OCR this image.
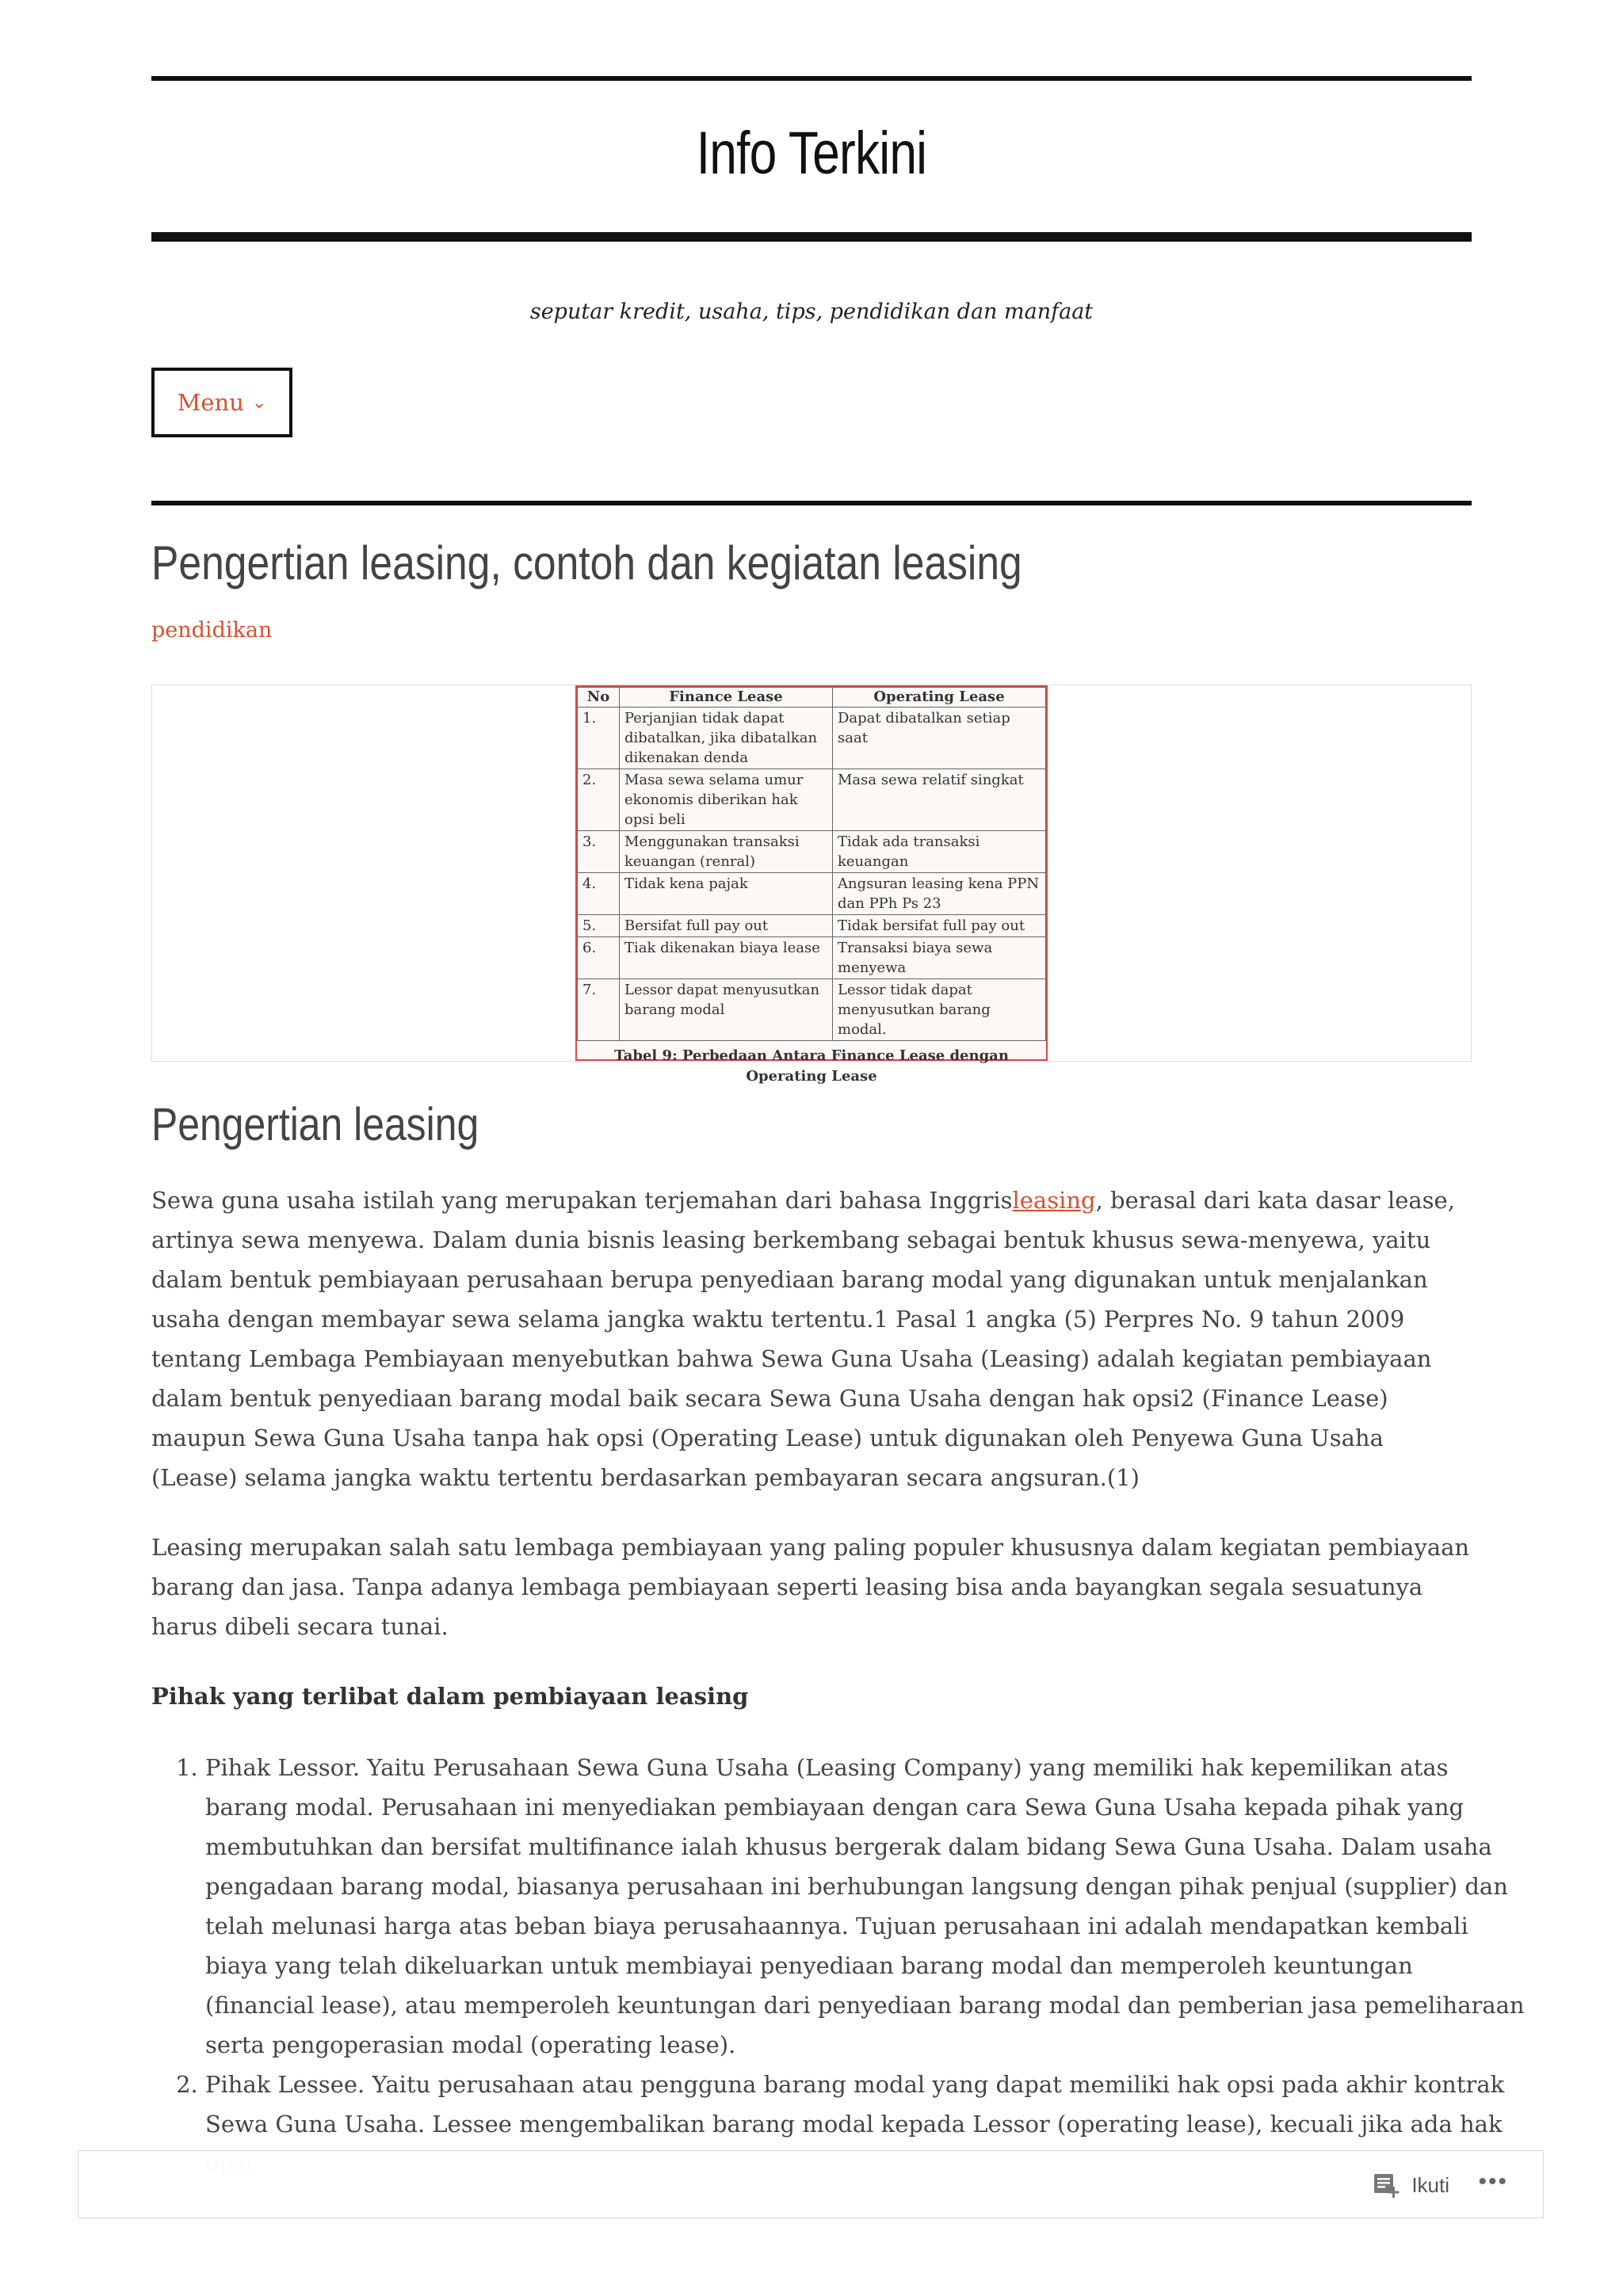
Info Terkini
seputar kredit, usaha, tips, pendidikan dan manfaat
Menu ⌄
Pengertian leasing, contoh dan kegiatan leasing
pendidikan
No	Finance Lease	Operating Lease
1.	Perjanjian tidak dapat dibatalkan, jika dibatalkan dikenakan denda	Dapat dibatalkan setiap saat
2.	Masa sewa selama umur ekonomis diberikan hak opsi beli	Masa sewa relatif singkat
3.	Menggunakan transaksi keuangan (renral)	Tidak ada transaksi keuangan
4.	Tidak kena pajak	Angsuran leasing kena PPN dan PPh Ps 23
5.	Bersifat full pay out	Tidak bersifat full pay out
6.	Tiak dikenakan biaya lease	Transaksi biaya sewa menyewa
7.	Lessor dapat menyusutkan barang modal	Lessor tidak dapat menyusutkan barang modal.
Tabel 9: Perbedaan Antara Finance Lease dengan Operating Lease
Pengertian leasing
Sewa guna usaha istilah yang merupakan terjemahan dari bahasa Inggrisleasing, berasal dari kata dasar lease, artinya sewa menyewa. Dalam dunia bisnis leasing berkembang sebagai bentuk khusus sewa-menyewa, yaitu dalam bentuk pembiayaan perusahaan berupa penyediaan barang modal yang digunakan untuk menjalankan usaha dengan membayar sewa selama jangka waktu tertentu.1 Pasal 1 angka (5) Perpres No. 9 tahun 2009 tentang Lembaga Pembiayaan menyebutkan bahwa Sewa Guna Usaha (Leasing) adalah kegiatan pembiayaan dalam bentuk penyediaan barang modal baik secara Sewa Guna Usaha dengan hak opsi2 (Finance Lease) maupun Sewa Guna Usaha tanpa hak opsi (Operating Lease) untuk digunakan oleh Penyewa Guna Usaha (Lease) selama jangka waktu tertentu berdasarkan pembayaran secara angsuran.(1)
Leasing merupakan salah satu lembaga pembiayaan yang paling populer khususnya dalam kegiatan pembiayaan barang dan jasa. Tanpa adanya lembaga pembiayaan seperti leasing bisa anda bayangkan segala sesuatunya harus dibeli secara tunai.
Pihak yang terlibat dalam pembiayaan leasing
1. Pihak Lessor. Yaitu Perusahaan Sewa Guna Usaha (Leasing Company) yang memiliki hak kepemilikan atas barang modal. Perusahaan ini menyediakan pembiayaan dengan cara Sewa Guna Usaha kepada pihak yang membutuhkan dan bersifat multifinance ialah khusus bergerak dalam bidang Sewa Guna Usaha. Dalam usaha pengadaan barang modal, biasanya perusahaan ini berhubungan langsung dengan pihak penjual (supplier) dan telah melunasi harga atas beban biaya perusahaannya. Tujuan perusahaan ini adalah mendapatkan kembali biaya yang telah dikeluarkan untuk membiayai penyediaan barang modal dan memperoleh keuntungan (financial lease), atau memperoleh keuntungan dari penyediaan barang modal dan pemberian jasa pemeliharaan serta pengoperasian modal (operating lease).
2. Pihak Lessee. Yaitu perusahaan atau pengguna barang modal yang dapat memiliki hak opsi pada akhir kontrak Sewa Guna Usaha. Lessee mengembalikan barang modal kepada Lessor (operating lease), kecuali jika ada hak
Ikuti •••
